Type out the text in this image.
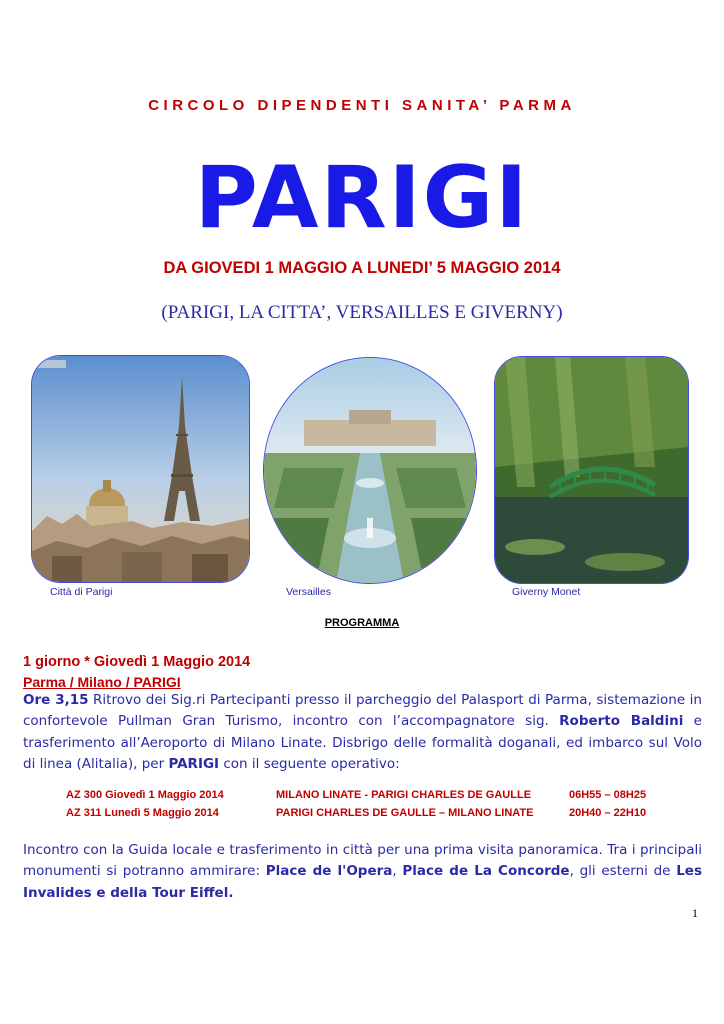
CIRCOLO DIPENDENTI SANITA’ PARMA
PARIGI
DA GIOVEDI 1 MAGGIO A LUNEDI’ 5 MAGGIO 2014
(PARIGI, LA CITTA’, VERSAILLES E GIVERNY)
Città di Parigi	Versailles	Giverny Monet
PROGRAMMA
1 giorno * Giovedì 1 Maggio 2014
Parma / Milano / PARIGI
Ore 3,15 Ritrovo dei Sig.ri Partecipanti presso il parcheggio del Palasport di Parma, sistemazione in confortevole Pullman Gran Turismo, incontro con l’accompagnatore sig. Roberto Baldini e trasferimento all’Aeroporto di Milano Linate. Disbrigo delle formalità doganali, ed imbarco sul Volo di linea (Alitalia), per PARIGI con il seguente operativo:
AZ 300 Giovedì 1 Maggio 2014	MILANO LINATE - PARIGI CHARLES DE GAULLE	06H55 – 08H25
AZ 311 Lunedì 5 Maggio 2014	PARIGI CHARLES DE GAULLE – MILANO LINATE	20H40 – 22H10
Incontro con la Guida locale e trasferimento in città per una prima visita panoramica. Tra i principali monumenti si potranno ammirare: Place de l'Opera, Place de La Concorde, gli esterni de Les Invalides e della Tour Eiffel.
1
